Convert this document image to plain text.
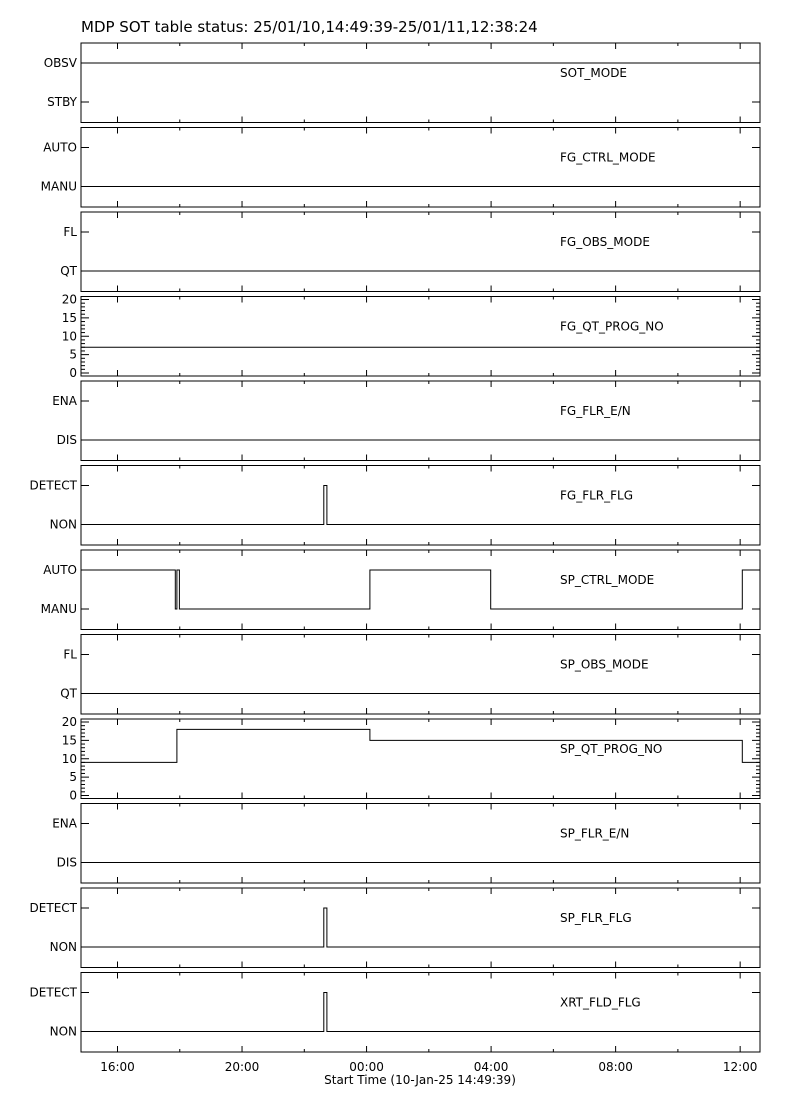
MDP SOT table status: 25/01/10,14:49:39-25/01/11,12:38:24
STBY
OBSV
SOT_MODE
MANU
AUTO
FG_CTRL_MODE
QT
FL
FG_OBS_MODE
0
5
10
15
20
FG_QT_PROG_NO
DIS
ENA
FG_FLR_E/N
NON
DETECT
FG_FLR_FLG
MANU
AUTO
SP_CTRL_MODE
QT
FL
SP_OBS_MODE
0
5
10
15
20
SP_QT_PROG_NO
DIS
ENA
SP_FLR_E/N
NON
DETECT
SP_FLR_FLG
NON
DETECT
XRT_FLD_FLG
16:00	20:00	00:00	04:00	08:00	12:00
Start Time (10-Jan-25 14:49:39)
